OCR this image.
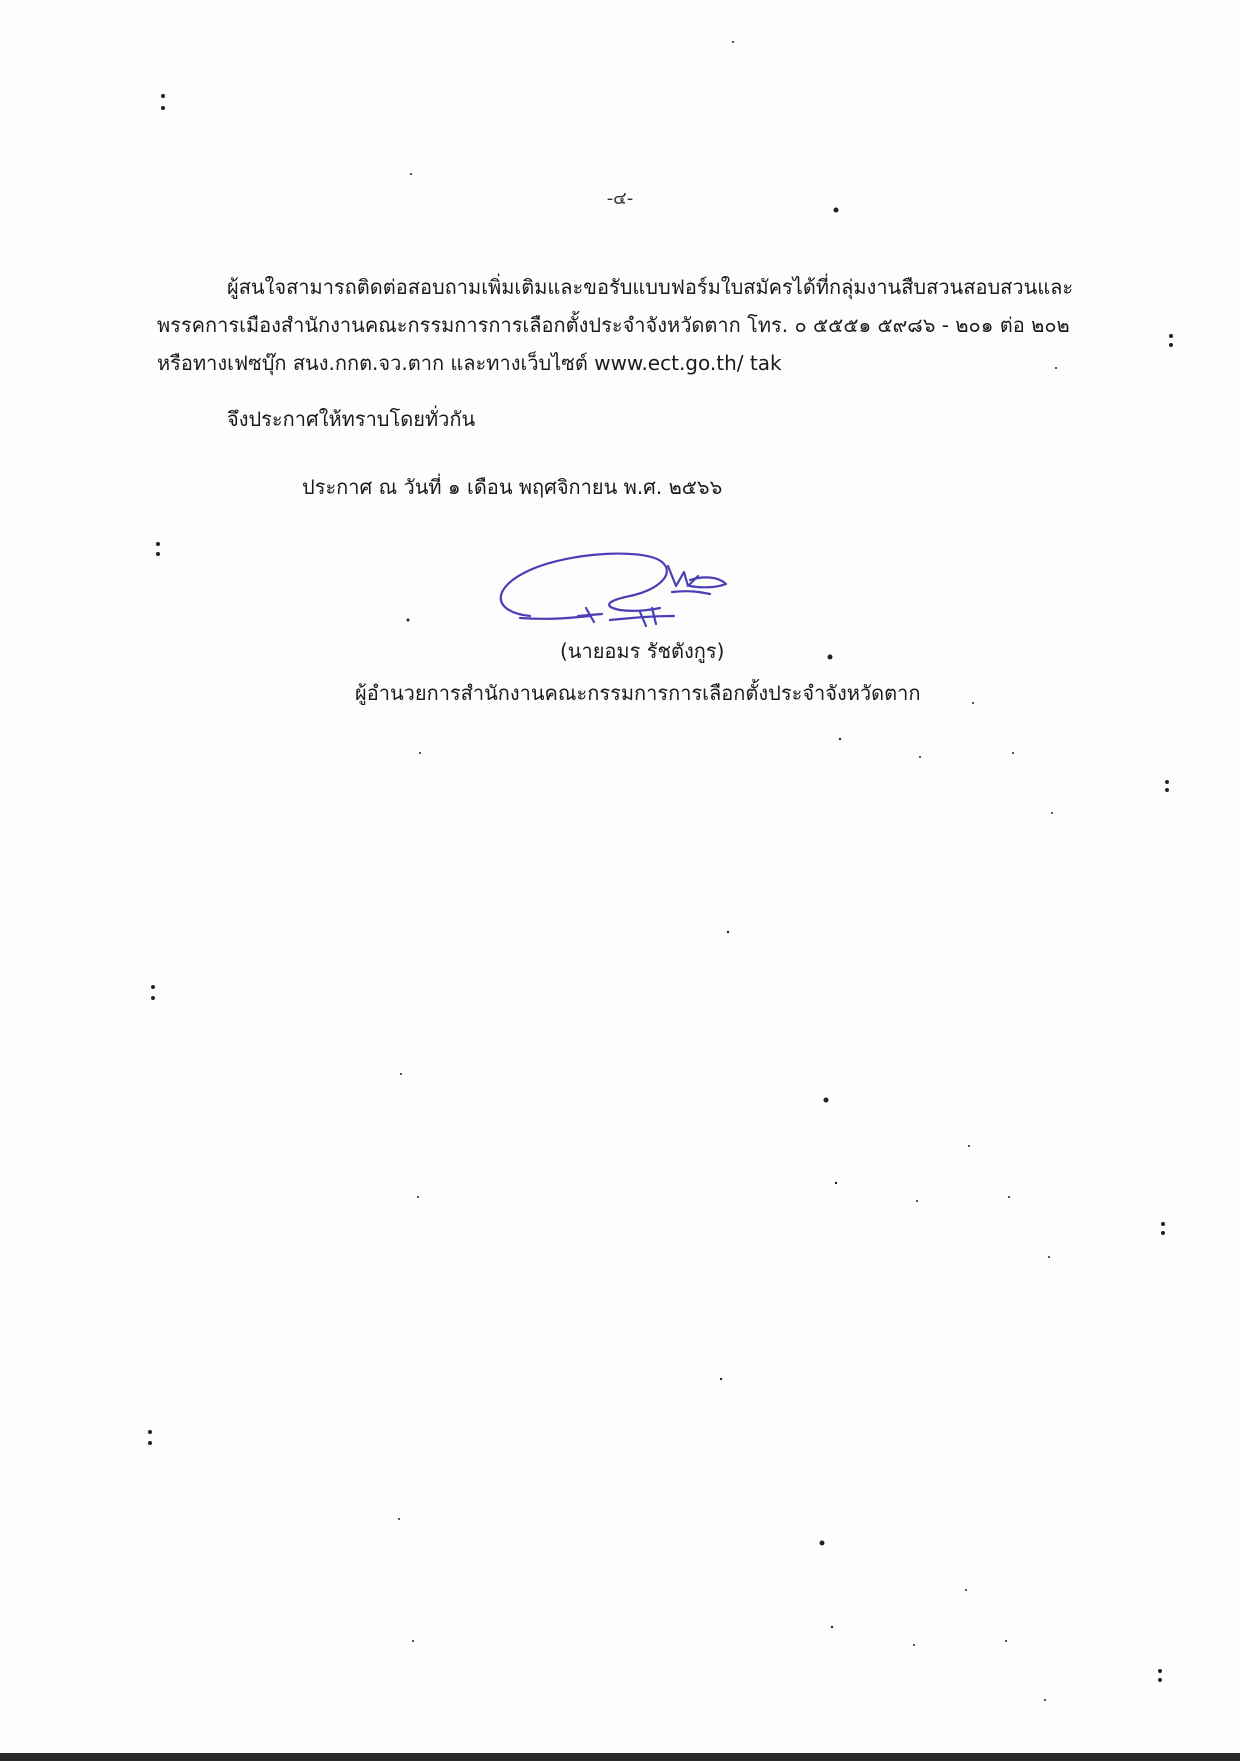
-๔-
ผู้สนใจสามารถติดต่อสอบถามเพิ่มเติมและขอรับแบบฟอร์มใบสมัครได้ที่กลุ่มงานสืบสวนสอบสวนและพรรคการเมืองสำนักงานคณะกรรมการการเลือกตั้งประจำจังหวัดตาก โทร. ๐ ๕๕๕๑ ๕๙๘๖ - ๒๐๑ ต่อ ๒๐๒ หรือทางเฟซบุ๊ก สนง.กกต.จว.ตาก และทางเว็บไซต์ www.ect.go.th/ tak
จึงประกาศให้ทราบโดยทั่วกัน
ประกาศ ณ วันที่ ๑ เดือน พฤศจิกายน พ.ศ. ๒๕๖๖
(นายอมร รัชตังกูร)
ผู้อำนวยการสำนักงานคณะกรรมการการเลือกตั้งประจำจังหวัดตาก
